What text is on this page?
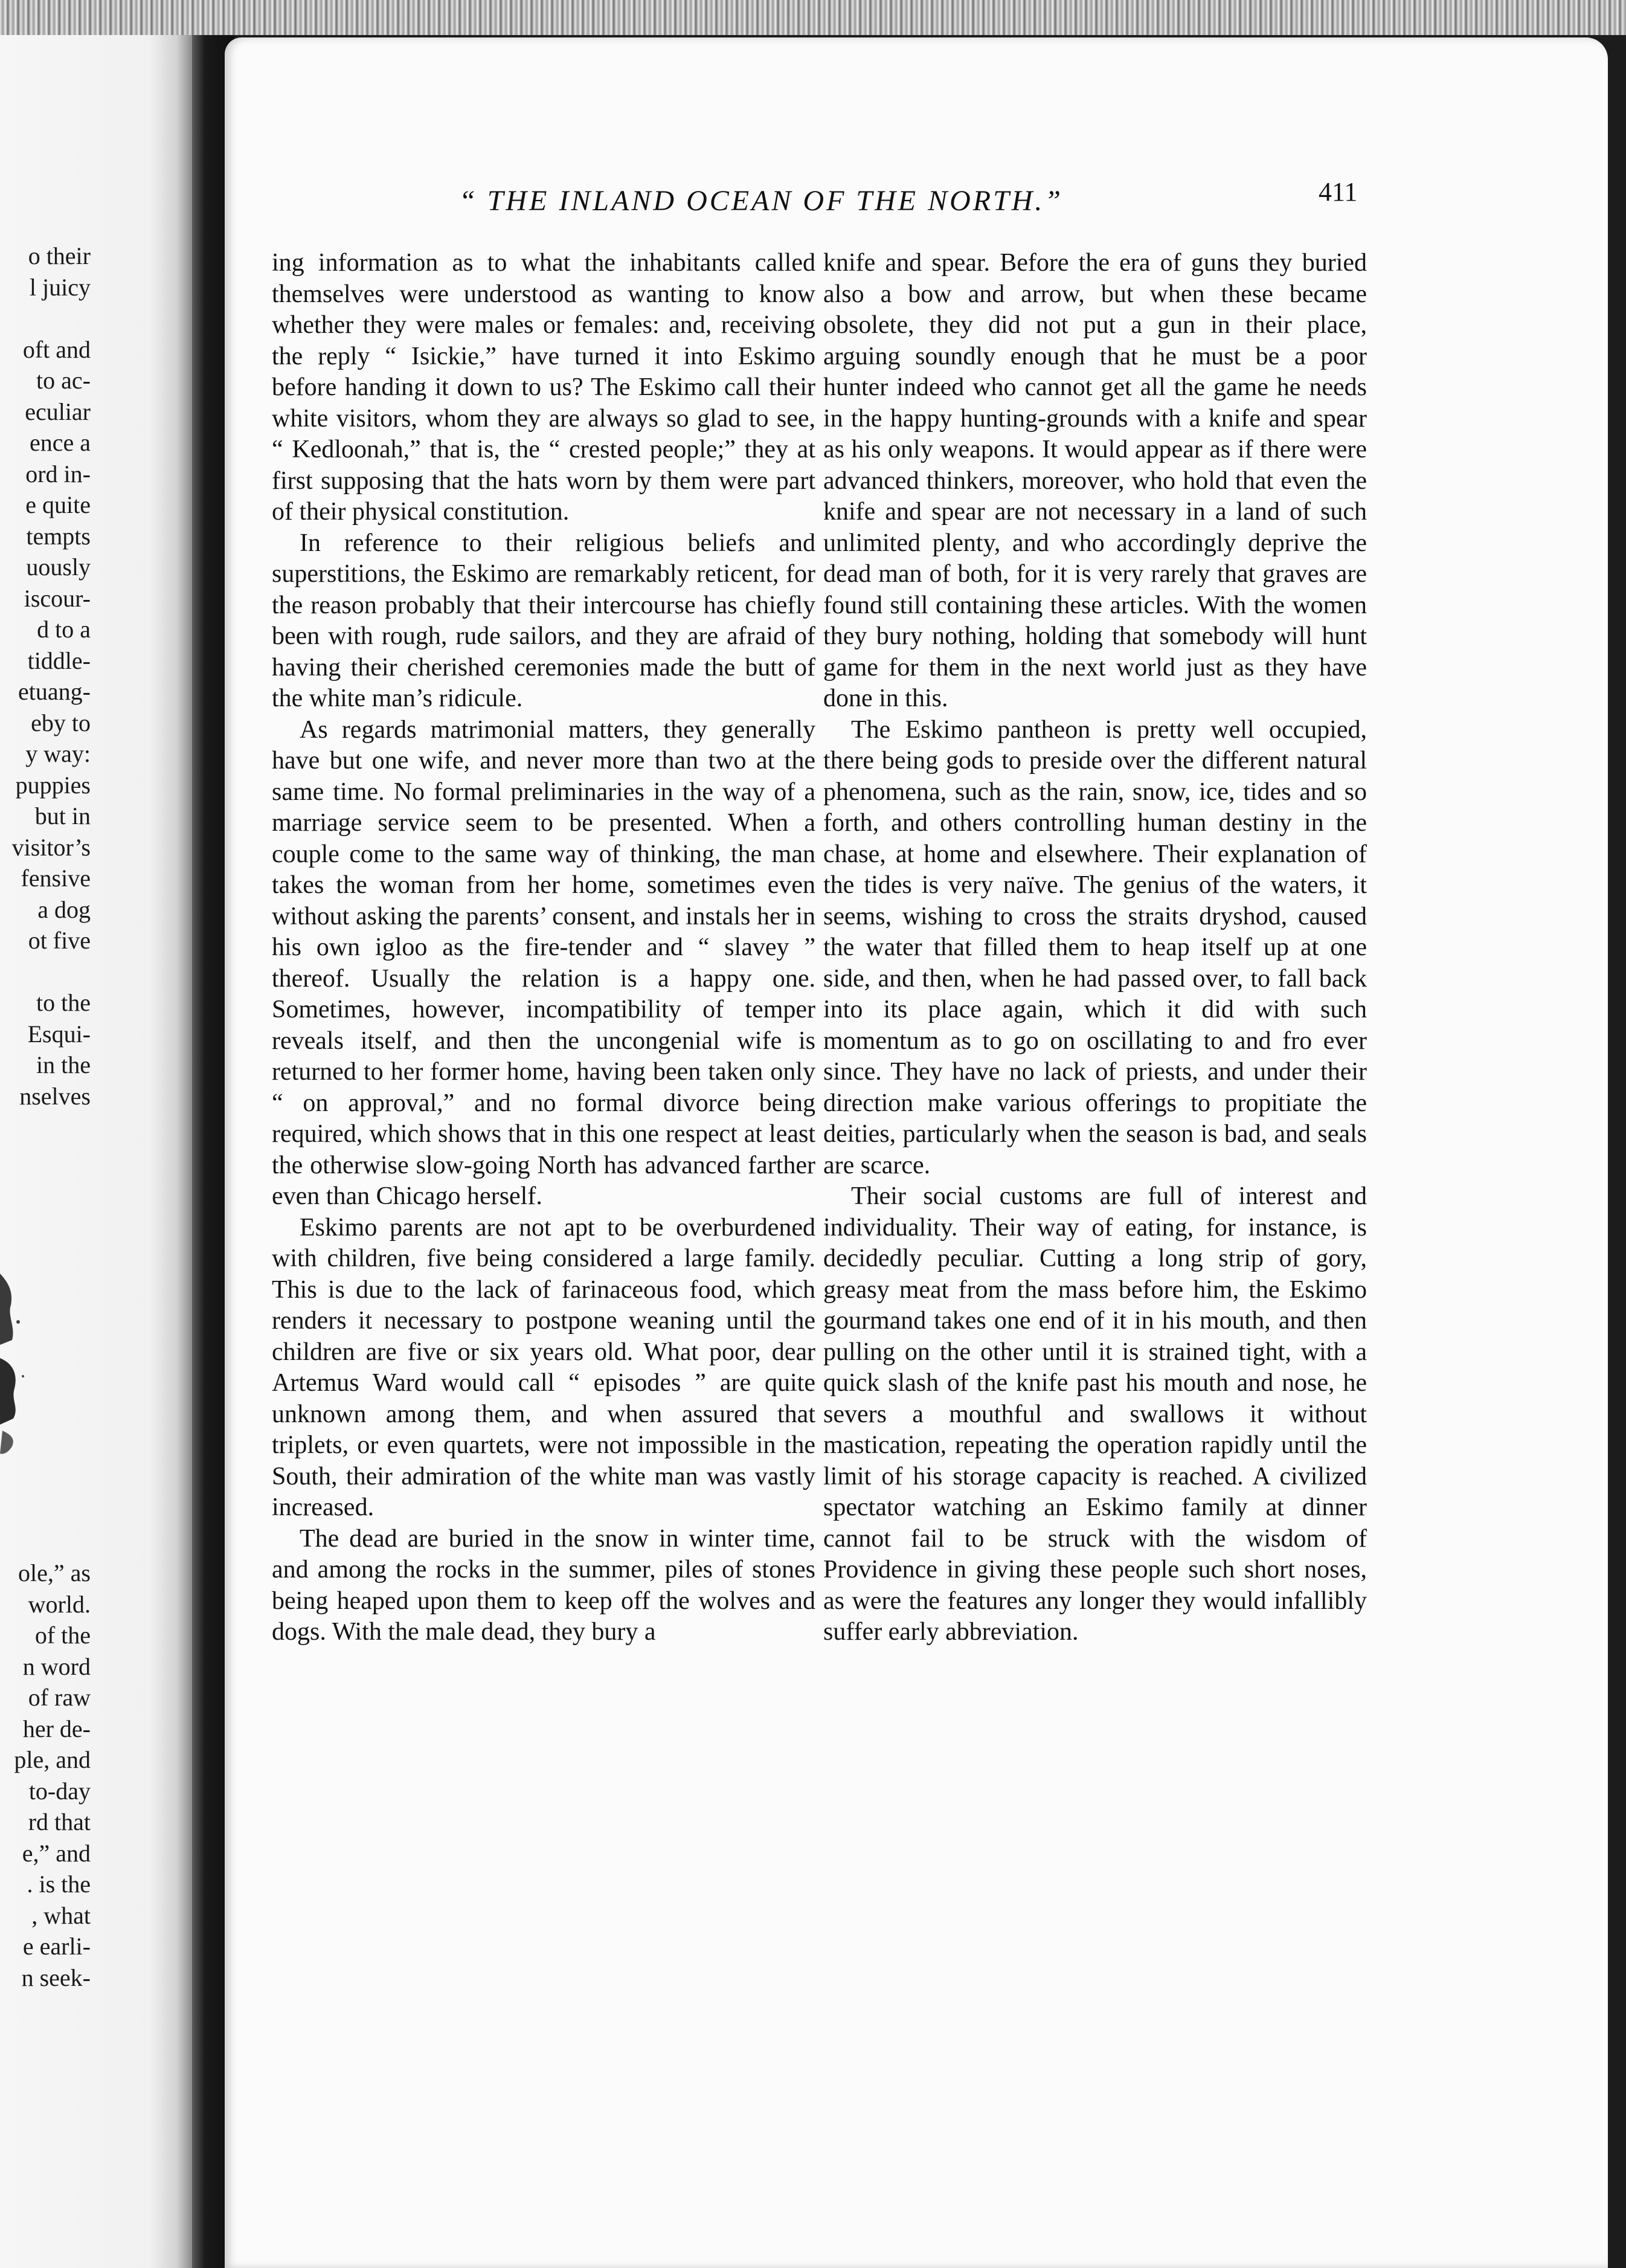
o their
l juicy

oft and
to ac-
eculiar
ence a
ord in-
e quite
tempts
uously
iscour-
d to a
tiddle-
etuang-
eby to
y way:
puppies
but in
visitor’s
fensive
a dog
ot five

to the
Esqui-
in the
nselves
ole,” as
world.
of the
n word
of raw
her de-
ple, and
to-day
rd that
e,” and
. is the
, what
e earli-
n seek-
“ THE INLAND OCEAN OF THE NORTH.”	411

ing information as to what the inhabitants called themselves were understood as wanting to know whether they were males or females: and, receiving the reply “ Isickie,” have turned it into Eskimo before handing it down to us? The Eskimo call their white visitors, whom they are always so glad to see, “ Kedloonah,” that is, the “ crested people;” they at first supposing that the hats worn by them were part of their physical constitution.

In reference to their religious beliefs and superstitions, the Eskimo are remarkably reticent, for the reason probably that their intercourse has chiefly been with rough, rude sailors, and they are afraid of having their cherished ceremonies made the butt of the white man’s ridicule.

As regards matrimonial matters, they generally have but one wife, and never more than two at the same time. No formal preliminaries in the way of a marriage service seem to be presented. When a couple come to the same way of thinking, the man takes the woman from her home, sometimes even without asking the parents’ consent, and instals her in his own igloo as the fire-tender and “ slavey ” thereof. Usually the relation is a happy one. Sometimes, however, incompatibility of temper reveals itself, and then the uncongenial wife is returned to her former home, having been taken only “ on approval,” and no formal divorce being required, which shows that in this one respect at least the otherwise slow-going North has advanced farther even than Chicago herself.

Eskimo parents are not apt to be overburdened with children, five being considered a large family. This is due to the lack of farinaceous food, which renders it necessary to postpone weaning until the children are five or six years old. What poor, dear Artemus Ward would call “ episodes ” are quite unknown among them, and when assured that triplets, or even quartets, were not impossible in the South, their admiration of the white man was vastly increased.

The dead are buried in the snow in winter time, and among the rocks in the summer, piles of stones being heaped upon them to keep off the wolves and dogs. With the male dead, they bury a

knife and spear. Before the era of guns they buried also a bow and arrow, but when these became obsolete, they did not put a gun in their place, arguing soundly enough that he must be a poor hunter indeed who cannot get all the game he needs in the happy hunting-grounds with a knife and spear as his only weapons. It would appear as if there were advanced thinkers, moreover, who hold that even the knife and spear are not necessary in a land of such unlimited plenty, and who accordingly deprive the dead man of both, for it is very rarely that graves are found still containing these articles. With the women they bury nothing, holding that somebody will hunt game for them in the next world just as they have done in this.

The Eskimo pantheon is pretty well occupied, there being gods to preside over the different natural phenomena, such as the rain, snow, ice, tides and so forth, and others controlling human destiny in the chase, at home and elsewhere. Their explanation of the tides is very naïve. The genius of the waters, it seems, wishing to cross the straits dryshod, caused the water that filled them to heap itself up at one side, and then, when he had passed over, to fall back into its place again, which it did with such momentum as to go on oscillating to and fro ever since. They have no lack of priests, and under their direction make various offerings to propitiate the deities, particularly when the season is bad, and seals are scarce.

Their social customs are full of interest and individuality. Their way of eating, for instance, is decidedly peculiar. Cutting a long strip of gory, greasy meat from the mass before him, the Eskimo gourmand takes one end of it in his mouth, and then pulling on the other until it is strained tight, with a quick slash of the knife past his mouth and nose, he severs a mouthful and swallows it without mastication, repeating the operation rapidly until the limit of his storage capacity is reached. A civilized spectator watching an Eskimo family at dinner cannot fail to be struck with the wisdom of Providence in giving these people such short noses, as were the features any longer they would infallibly suffer early abbreviation.
